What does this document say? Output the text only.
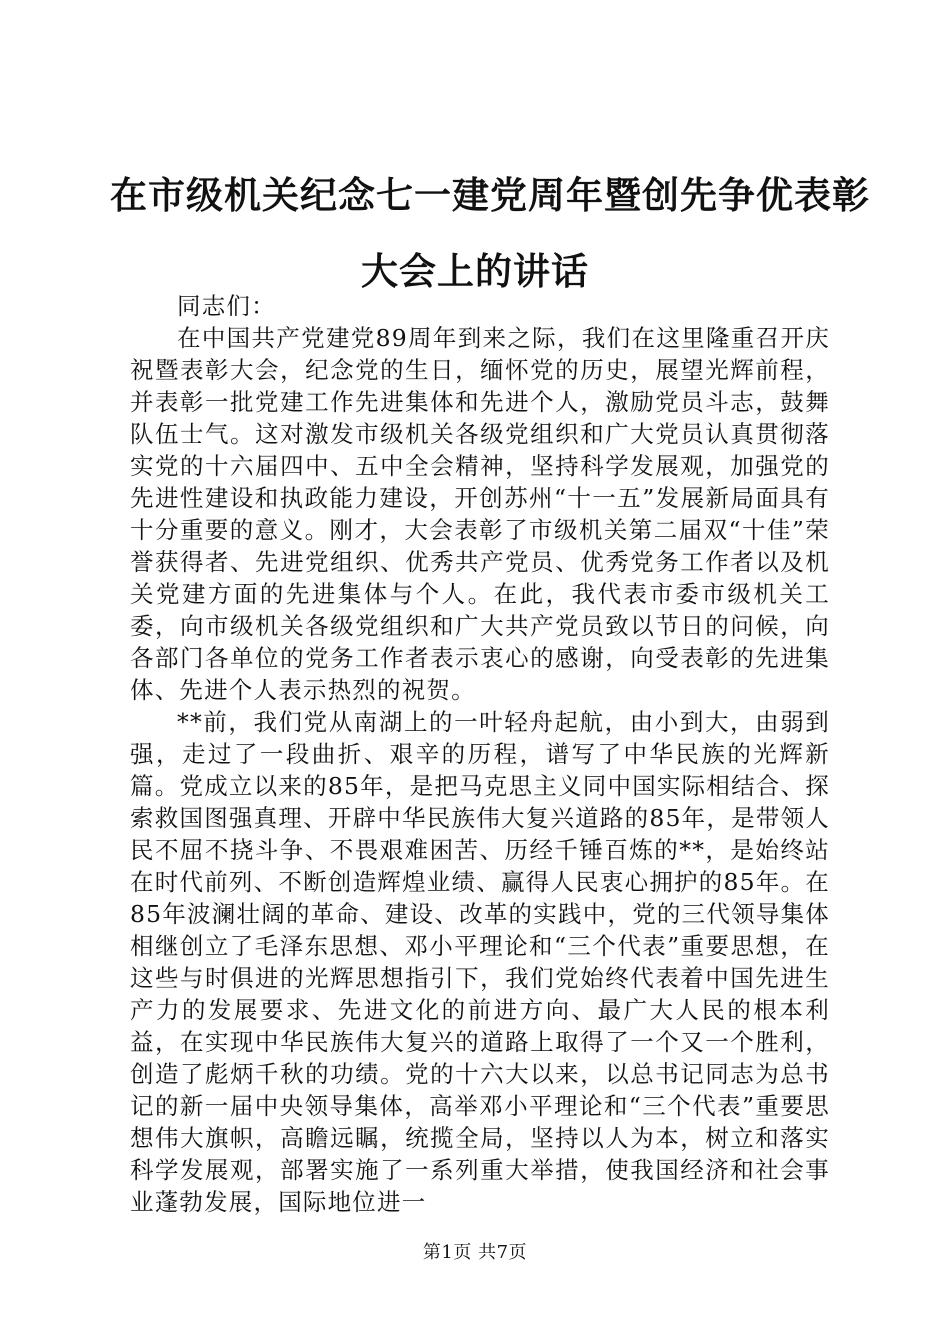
在市级机关纪念七一建党周年暨创先争优表彰
大会上的讲话

同志们：

在中国共产党建党89周年到来之际，我们在这里隆重召开庆祝暨表彰大会，纪念党的生日，缅怀党的历史，展望光辉前程，并表彰一批党建工作先进集体和先进个人，激励党员斗志，鼓舞队伍士气。这对激发市级机关各级党组织和广大党员认真贯彻落实党的十六届四中、五中全会精神，坚持科学发展观，加强党的先进性建设和执政能力建设，开创苏州“十一五”发展新局面具有十分重要的意义。刚才，大会表彰了市级机关第二届双“十佳”荣誉获得者、先进党组织、优秀共产党员、优秀党务工作者以及机关党建方面的先进集体与个人。在此，我代表市委市级机关工委，向市级机关各级党组织和广大共产党员致以节日的问候，向各部门各单位的党务工作者表示衷心的感谢，向受表彰的先进集体、先进个人表示热烈的祝贺。

**前，我们党从南湖上的一叶轻舟起航，由小到大，由弱到强，走过了一段曲折、艰辛的历程，谱写了中华民族的光辉新篇。党成立以来的85年，是把马克思主义同中国实际相结合、探索救国图强真理、开辟中华民族伟大复兴道路的85年，是带领人民不屈不挠斗争、不畏艰难困苦、历经千锤百炼的**，是始终站在时代前列、不断创造辉煌业绩、赢得人民衷心拥护的85年。在85年波澜壮阔的革命、建设、改革的实践中，党的三代领导集体相继创立了毛泽东思想、邓小平理论和“三个代表”重要思想，在这些与时俱进的光辉思想指引下，我们党始终代表着中国先进生产力的发展要求、先进文化的前进方向、最广大人民的根本利益，在实现中华民族伟大复兴的道路上取得了一个又一个胜利，创造了彪炳千秋的功绩。党的十六大以来，以总书记同志为总书记的新一届中央领导集体，高举邓小平理论和“三个代表”重要思想伟大旗帜，高瞻远瞩，统揽全局，坚持以人为本，树立和落实科学发展观，部署实施了一系列重大举措，使我国经济和社会事业蓬勃发展，国际地位进一

第1页 共7页
